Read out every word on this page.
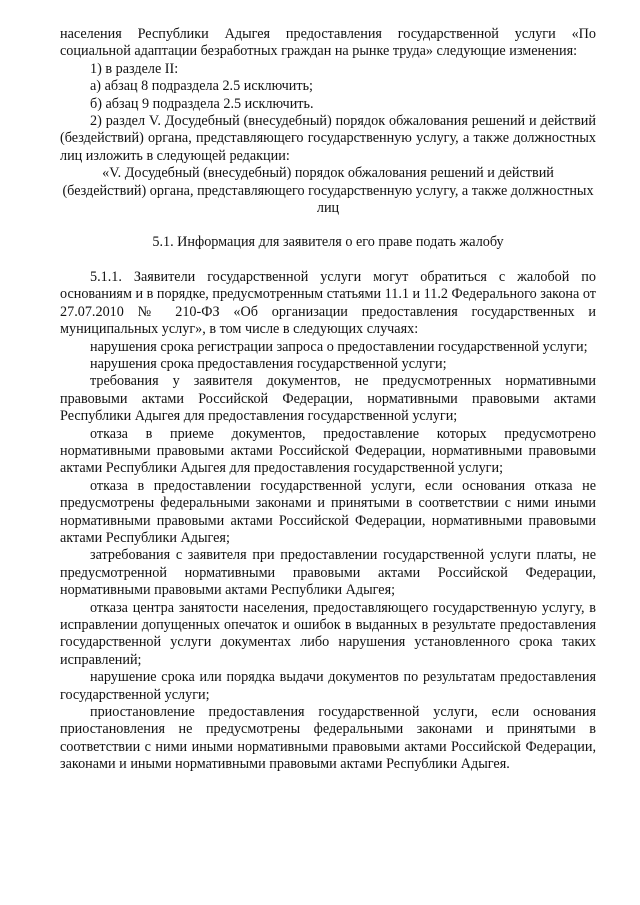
населения Республики Адыгея предоставления государственной услуги «По социальной адаптации безработных граждан на рынке труда» следующие изменения:

1) в разделе II:

а) абзац 8 подраздела 2.5 исключить;

б) абзац 9 подраздела 2.5 исключить.

2) раздел V. Досудебный (внесудебный) порядок обжалования решений и действий (бездействий) органа, представляющего государственную услугу, а также должностных лиц изложить в следующей редакции:

«V. Досудебный (внесудебный) порядок обжалования решений и действий (бездействий) органа, представляющего государственную услугу, а также должностных лиц

5.1. Информация для заявителя о его праве подать жалобу

5.1.1. Заявители государственной услуги могут обратиться с жалобой по основаниям и в порядке, предусмотренным статьями 11.1 и 11.2 Федерального закона от 27.07.2010 № 210-ФЗ «Об организации предоставления государственных и муниципальных услуг», в том числе в следующих случаях:

нарушения срока регистрации запроса о предоставлении государственной услуги;

нарушения срока предоставления государственной услуги;

требования у заявителя документов, не предусмотренных нормативными правовыми актами Российской Федерации, нормативными правовыми актами Республики Адыгея для предоставления государственной услуги;

отказа в приеме документов, предоставление которых предусмотрено нормативными правовыми актами Российской Федерации, нормативными правовыми актами Республики Адыгея для предоставления государственной услуги;

отказа в предоставлении государственной услуги, если основания отказа не предусмотрены федеральными законами и принятыми в соответствии с ними иными нормативными правовыми актами Российской Федерации, нормативными правовыми актами Республики Адыгея;

затребования с заявителя при предоставлении государственной услуги платы, не предусмотренной нормативными правовыми актами Российской Федерации, нормативными правовыми актами Республики Адыгея;

отказа центра занятости населения, предоставляющего государственную услугу, в исправлении допущенных опечаток и ошибок в выданных в результате предоставления государственной услуги документах либо нарушения установленного срока таких исправлений;

нарушение срока или порядка выдачи документов по результатам предоставления государственной услуги;

приостановление предоставления государственной услуги, если основания приостановления не предусмотрены федеральными законами и принятыми в соответствии с ними иными нормативными правовыми актами Российской Федерации, законами и иными нормативными правовыми актами Республики Адыгея.
